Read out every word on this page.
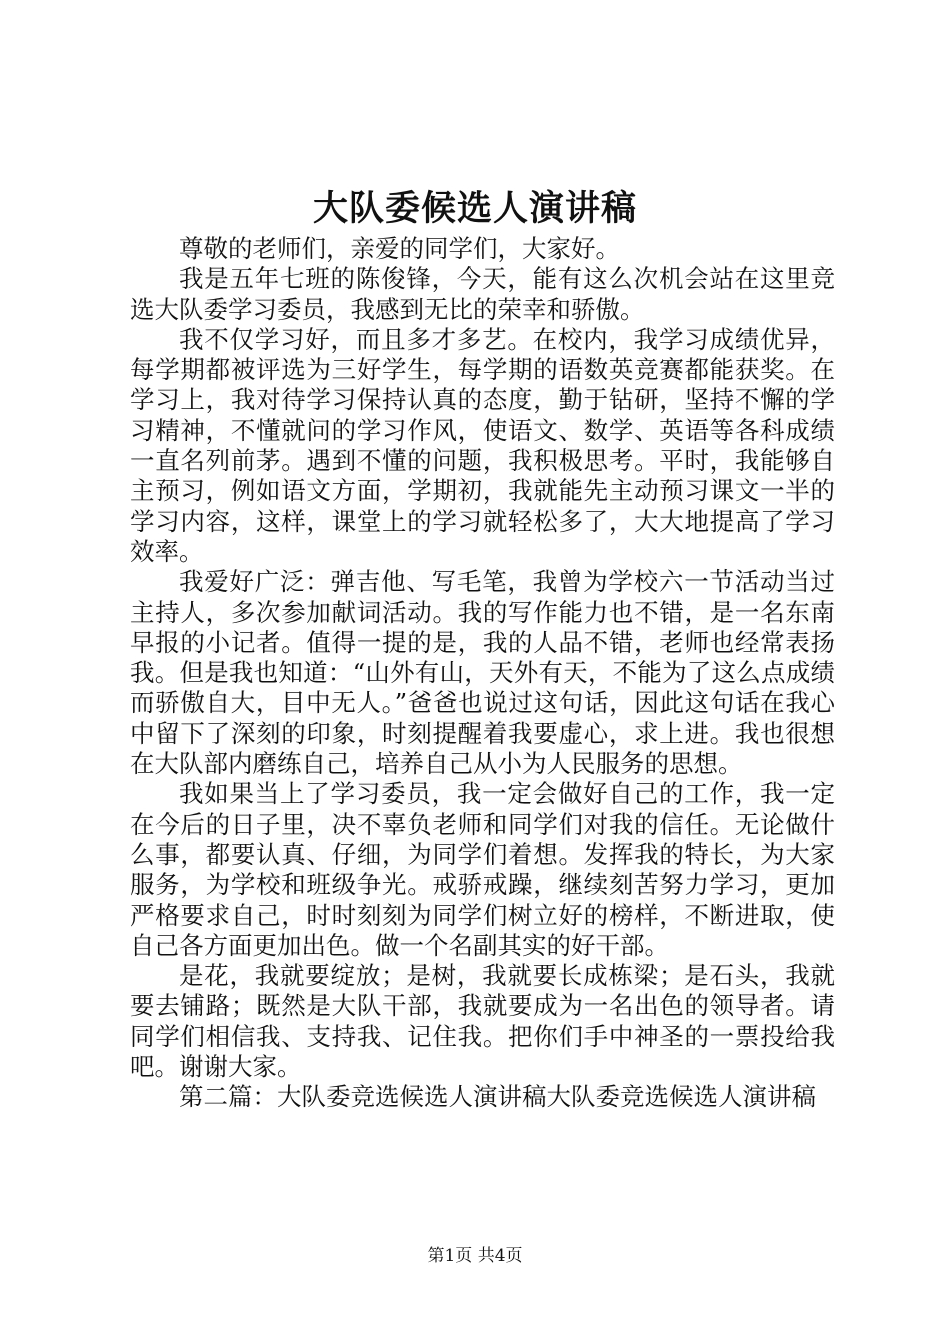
大队委候选人演讲稿

尊敬的老师们，亲爱的同学们，大家好。

我是五年七班的陈俊锋，今天，能有这么次机会站在这里竞选大队委学习委员，我感到无比的荣幸和骄傲。

我不仅学习好，而且多才多艺。在校内，我学习成绩优异，每学期都被评选为三好学生，每学期的语数英竞赛都能获奖。在学习上，我对待学习保持认真的态度，勤于钻研，坚持不懈的学习精神，不懂就问的学习作风，使语文、数学、英语等各科成绩一直名列前茅。遇到不懂的问题，我积极思考。平时，我能够自主预习，例如语文方面，学期初，我就能先主动预习课文一半的学习内容，这样，课堂上的学习就轻松多了，大大地提高了学习效率。

我爱好广泛：弹吉他、写毛笔，我曾为学校六一节活动当过主持人，多次参加献词活动。我的写作能力也不错，是一名东南早报的小记者。值得一提的是，我的人品不错，老师也经常表扬我。但是我也知道：“山外有山，天外有天，不能为了这么点成绩而骄傲自大，目中无人。”爸爸也说过这句话，因此这句话在我心中留下了深刻的印象，时刻提醒着我要虚心，求上进。我也很想在大队部内磨练自己，培养自己从小为人民服务的思想。

我如果当上了学习委员，我一定会做好自己的工作，我一定在今后的日子里，决不辜负老师和同学们对我的信任。无论做什么事，都要认真、仔细，为同学们着想。发挥我的特长，为大家服务，为学校和班级争光。戒骄戒躁，继续刻苦努力学习，更加严格要求自己，时时刻刻为同学们树立好的榜样，不断进取，使自己各方面更加出色。做一个名副其实的好干部。

是花，我就要绽放；是树，我就要长成栋梁；是石头，我就要去铺路；既然是大队干部，我就要成为一名出色的领导者。请同学们相信我、支持我、记住我。把你们手中神圣的一票投给我吧。谢谢大家。

第二篇：大队委竞选候选人演讲稿大队委竞选候选人演讲稿

第1页 共4页
